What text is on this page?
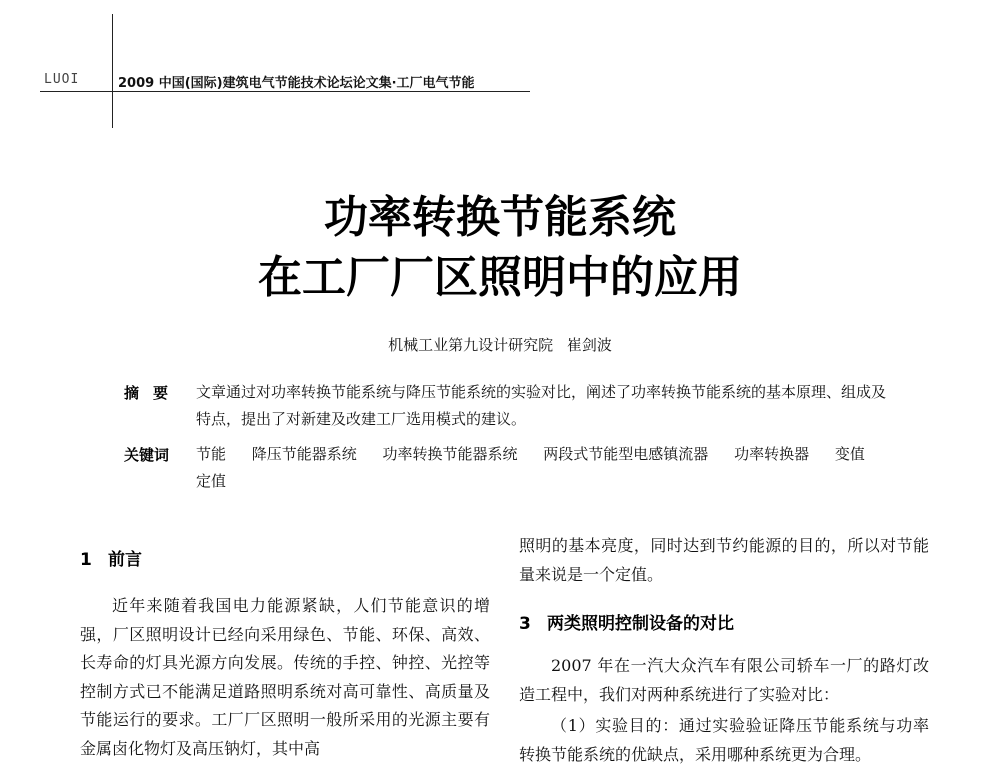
LUOI	2009 中国(国际)建筑电气节能技术论坛论文集·工厂电气节能
功率转换节能系统
在工厂厂区照明中的应用
机械工业第九设计研究院 崔剑波
摘要 文章通过对功率转换节能系统与降压节能系统的实验对比，阐述了功率转换节能系统的基本原理、组成及特点，提出了对新建及改建工厂选用模式的建议。
关键词 节能 降压节能器系统 功率转换节能器系统 两段式节能型电感镇流器 功率转换器 变值 定值
1 前言
近年来随着我国电力能源紧缺，人们节能意识的增强，厂区照明设计已经向采用绿色、节能、环保、高效、长寿命的灯具光源方向发展。传统的手控、钟控、光控等控制方式已不能满足道路照明系统对高可靠性、高质量及节能运行的要求。工厂厂区照明一般所采用的光源主要有金属卤化物灯及高压钠灯，其中高
照明的基本亮度，同时达到节约能源的目的，所以对节能量来说是一个定值。
3 两类照明控制设备的对比
2007 年在一汽大众汽车有限公司轿车一厂的路灯改造工程中，我们对两种系统进行了实验对比：
（1）实验目的：通过实验验证降压节能系统与功率转换节能系统的优缺点，采用哪种系统更为合理。
